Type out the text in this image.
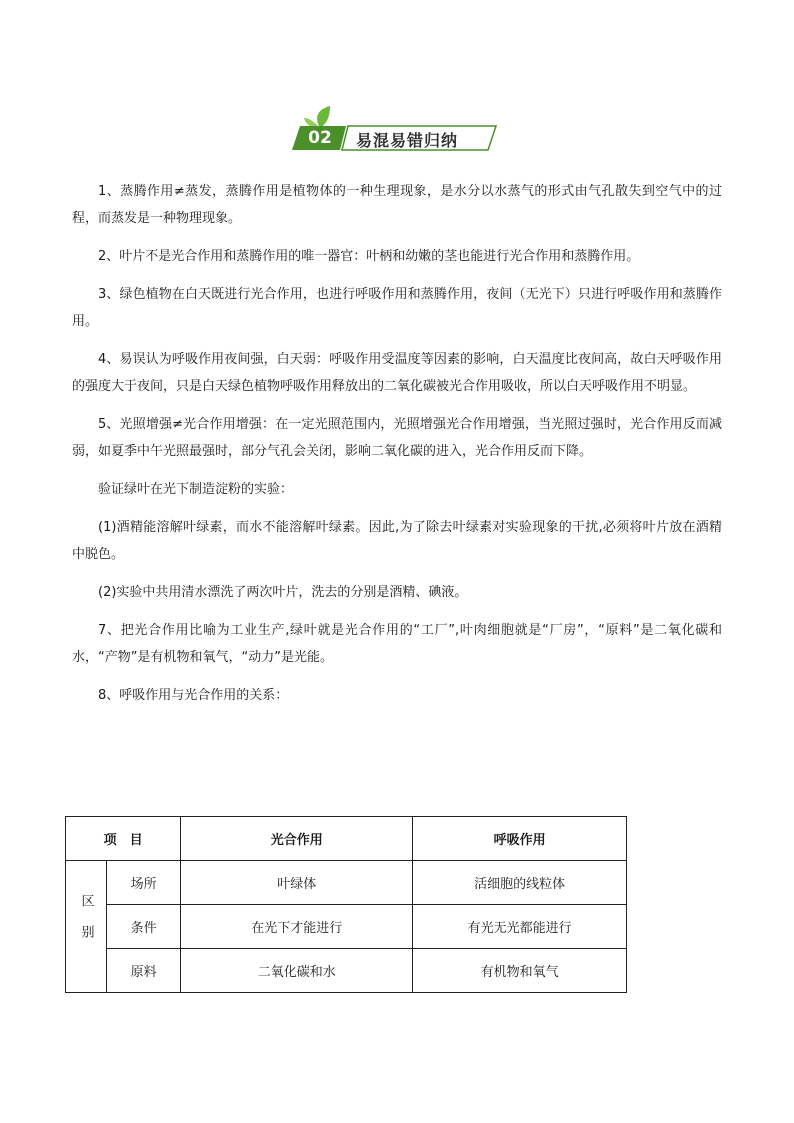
02	易混易错归纳

1、蒸腾作用≠蒸发，蒸腾作用是植物体的一种生理现象，是水分以水蒸气的形式由气孔散失到空气中的过程，而蒸发是一种物理现象。

2、叶片不是光合作用和蒸腾作用的唯一器官：叶柄和幼嫩的茎也能进行光合作用和蒸腾作用。

3、绿色植物在白天既进行光合作用，也进行呼吸作用和蒸腾作用，夜间（无光下）只进行呼吸作用和蒸腾作用。

4、易误认为呼吸作用夜间强，白天弱：呼吸作用受温度等因素的影响，白天温度比夜间高，故白天呼吸作用的强度大于夜间，只是白天绿色植物呼吸作用释放出的二氧化碳被光合作用吸收，所以白天呼吸作用不明显。

5、光照增强≠光合作用增强：在一定光照范围内，光照增强光合作用增强，当光照过强时，光合作用反而减弱，如夏季中午光照最强时，部分气孔会关闭，影响二氧化碳的进入，光合作用反而下降。

验证绿叶在光下制造淀粉的实验：

(1)酒精能溶解叶绿素，而水不能溶解叶绿素。因此,为了除去叶绿素对实验现象的干扰,必须将叶片放在酒精中脱色。

(2)实验中共用清水漂洗了两次叶片，洗去的分别是酒精、碘液。

7、把光合作用比喻为工业生产,绿叶就是光合作用的“工厂”,叶肉细胞就是“厂房”，“原料”是二氧化碳和水，“产物”是有机物和氧气，“动力”是光能。

8、呼吸作用与光合作用的关系：

项　目		光合作用	呼吸作用
区别	场所	叶绿体	活细胞的线粒体
	条件	在光下才能进行	有光无光都能进行
	原料	二氧化碳和水	有机物和氧气
